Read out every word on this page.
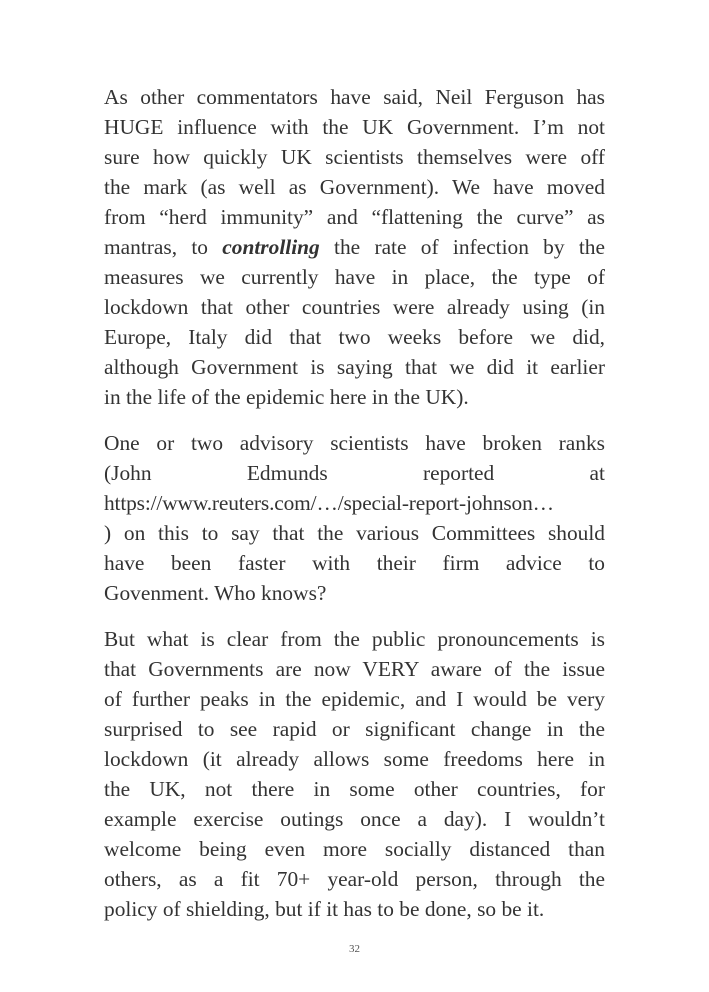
As other commentators have said, Neil Ferguson has
HUGE influence with the UK Government. I’m not
sure how quickly UK scientists themselves were off
the mark (as well as Government). We have moved
from “herd immunity” and “flattening the curve” as
mantras, to controlling the rate of infection by the
measures we currently have in place, the type of
lockdown that other countries were already using (in
Europe, Italy did that two weeks before we did,
although Government is saying that we did it earlier
in the life of the epidemic here in the UK).

One or two advisory scientists have broken ranks
(John Edmunds reported at
https://www.reuters.com/…/special-report-johnson…
) on this to say that the various Committees should
have been faster with their firm advice to
Govenment. Who knows?

But what is clear from the public pronouncements is
that Governments are now VERY aware of the issue
of further peaks in the epidemic, and I would be very
surprised to see rapid or significant change in the
lockdown (it already allows some freedoms here in
the UK, not there in some other countries, for
example exercise outings once a day). I wouldn’t
welcome being even more socially distanced than
others, as a fit 70+ year-old person, through the
policy of shielding, but if it has to be done, so be it.

32
